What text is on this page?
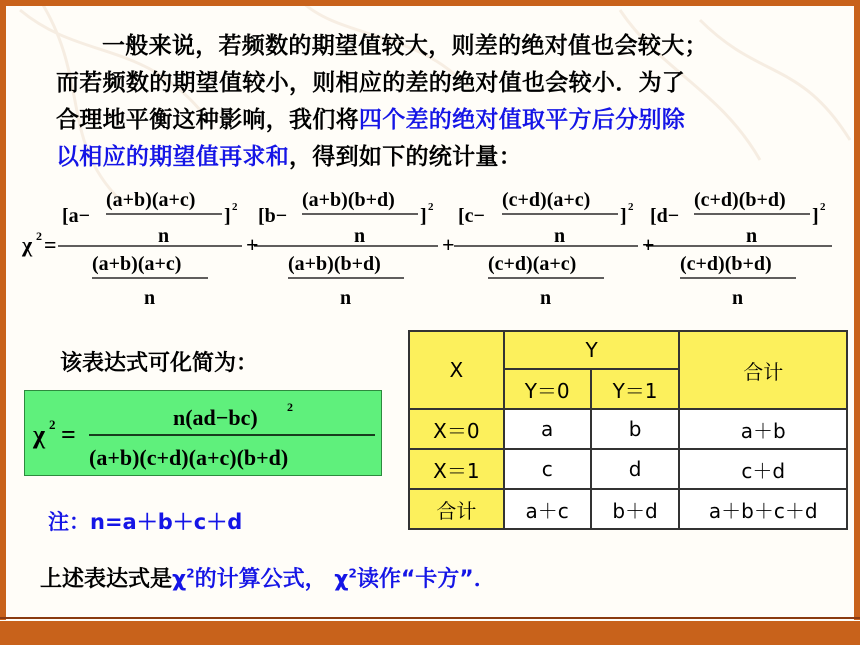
一般来说，若频数的期望值较大，则差的绝对值也会较大；
而若频数的期望值较小，则相应的差的绝对值也会较小．为了
合理地平衡这种影响，我们将四个差的绝对值取平方后分别除
以相应的期望值再求和，得到如下的统计量：
χ 2 =
[a−
(a+b)(a+c)
n
] 2
(a+b)(a+c)
n
+
[b−
(a+b)(b+d)
n
] 2
(a+b)(b+d)
n
+
[c−
(c+d)(a+c)
n
] 2
(c+d)(a+c)
n
+
[d−
(c+d)(b+d)
n
] 2
(c+d)(b+d)
n
该表达式可化简为：
χ 2 =
n(ad−bc) 2
(a+b)(c+d)(a+c)(b+d)
注：n=a＋b＋c＋d
X	Y		合计
	Y＝0	Y＝1	
X＝0	a	b	a＋b
X＝1	c	d	c＋d
合计	a＋c	b＋d	a＋b＋c＋d
上述表达式是$\chi^2$的计算公式， $\chi^2$读作“卡方”．
